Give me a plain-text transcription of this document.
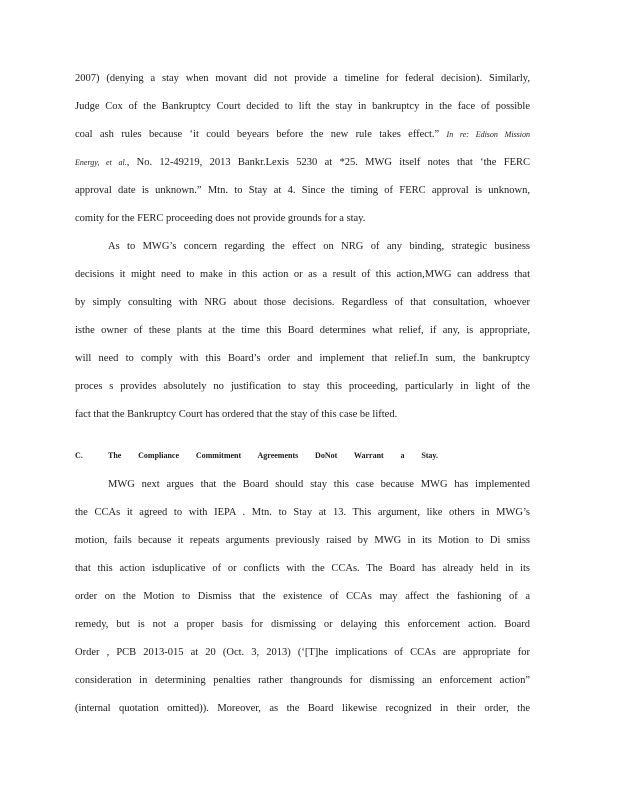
2007) (denying a stay when movant did not provide a timeline for federal decision). Similarly,
Judge Cox of the Bankruptcy Court decided to lift the stay in bankruptcy in the face of possible
coal ash rules because ‘it could beyears before the new rule takes effect.” In re: Edison Mission
Energy, et al., No. 12-49219, 2013 Bankr.Lexis 5230 at *25. MWG itself notes that ‘the FERC
approval date is unknown.” Mtn. to Stay at 4. Since the timing of FERC approval is unknown,
comity for the FERC proceeding does not provide grounds for a stay.
As to MWG’s concern regarding the effect on NRG of any binding, strategic business
decisions it might need to make in this action or as a result of this action,MWG can address that
by simply consulting with NRG about those decisions. Regardless of that consultation, whoever
isthe owner of these plants at the time this Board determines what relief, if any, is appropriate,
will need to comply with this Board’s order and implement that relief.In sum, the bankruptcy
proces s provides absolutely no justification to stay this proceeding, particularly in light of the
fact that the Bankruptcy Court has ordered that the stay of this case be lifted.
C.	The Compliance Commitment Agreements DoNot Warrant a Stay.
MWG next argues that the Board should stay this case because MWG has implemented
the CCAs it agreed to with IEPA . Mtn. to Stay at 13. This argument, like others in MWG’s
motion, fails because it repeats arguments previously raised by MWG in its Motion to Di smiss
that this action isduplicative of or conflicts with the CCAs. The Board has already held in its
order on the Motion to Dismiss that the existence of CCAs may affect the fashioning of a
remedy, but is not a proper basis for dismissing or delaying this enforcement action. Board
Order , PCB 2013-015 at 20 (Oct. 3, 2013) (‘[T]he implications of CCAs are appropriate for
consideration in determining penalties rather thangrounds for dismissing an enforcement action”
(internal quotation omitted)). Moreover, as the Board likewise recognized in their order, the
